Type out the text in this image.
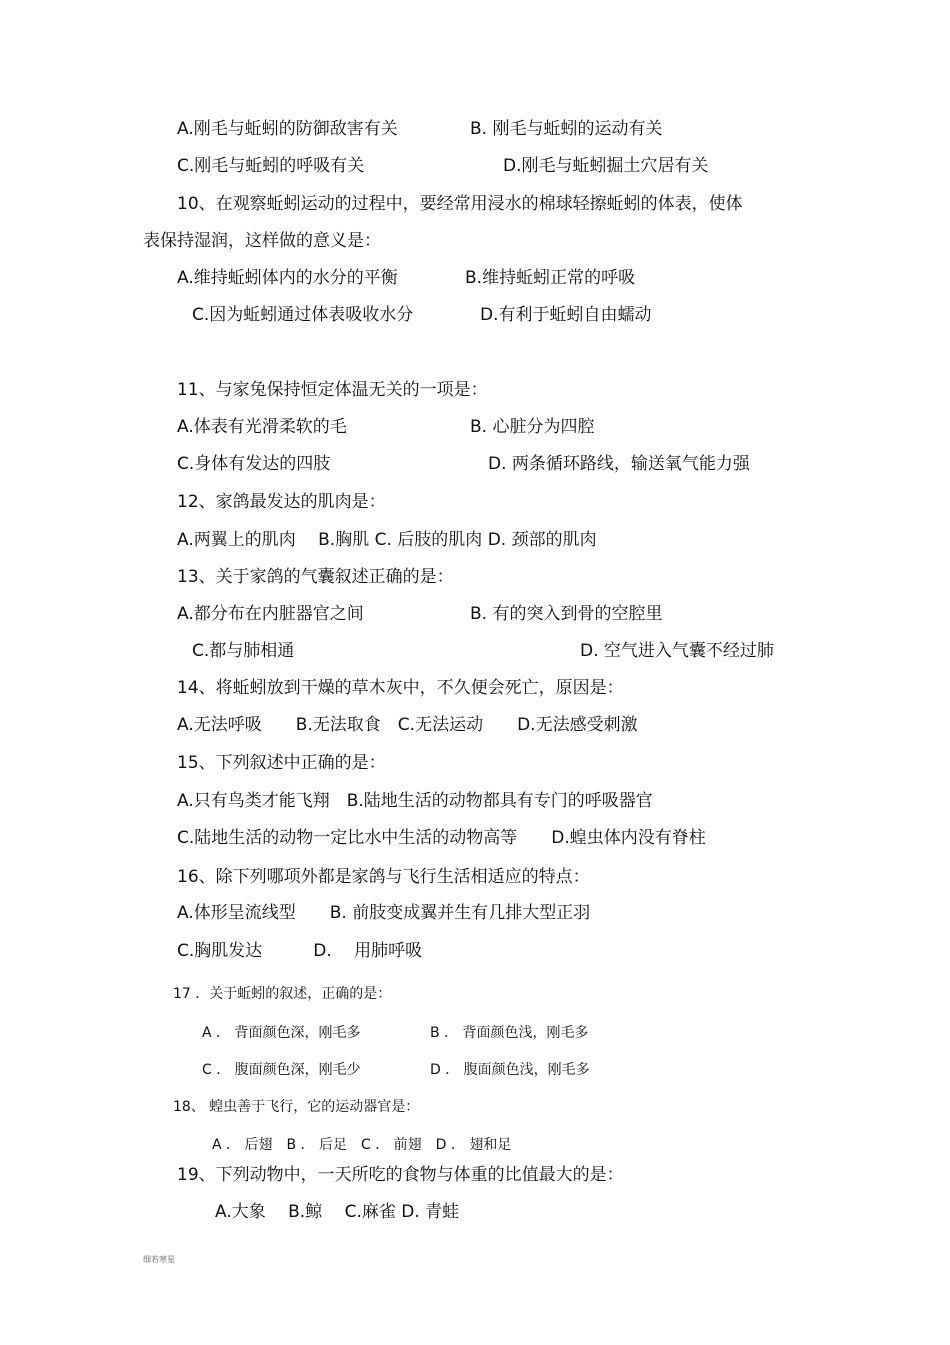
A.刚毛与蚯蚓的防御敌害有关	B. 刚毛与蚯蚓的运动有关
C.刚毛与蚯蚓的呼吸有关	D.刚毛与蚯蚓掘土穴居有关
10、在观察蚯蚓运动的过程中，要经常用浸水的棉球轻擦蚯蚓的体表，使体
表保持湿润，这样做的意义是：
A.维持蚯蚓体内的水分的平衡	B.维持蚯蚓正常的呼吸
C.因为蚯蚓通过体表吸收水分	D.有利于蚯蚓自由蠕动
11、与家兔保持恒定体温无关的一项是：
A.体表有光滑柔软的毛	B. 心脏分为四腔
C.身体有发达的四肢	D. 两条循环路线，输送氧气能力强
12、家鸽最发达的肌肉是：
A.两翼上的肌肉　 B.胸肌 C. 后肢的肌肉 D. 颈部的肌肉
13、关于家鸽的气囊叙述正确的是：
A.都分布在内脏器官之间	B. 有的突入到骨的空腔里
C.都与肺相通	D. 空气进入气囊不经过肺
14、将蚯蚓放到干燥的草木灰中，不久便会死亡，原因是：
A.无法呼吸　　B.无法取食　C.无法运动　　D.无法感受刺激
15、下列叙述中正确的是：
A.只有鸟类才能飞翔　B.陆地生活的动物都具有专门的呼吸器官
C.陆地生活的动物一定比水中生活的动物高等　　D.蝗虫体内没有脊柱
16、除下列哪项外都是家鸽与飞行生活相适应的特点：
A.体形呈流线型　　B. 前肢变成翼并生有几排大型正羽
C.胸肌发达　　　D.　 用肺呼吸
17 ．关于蚯蚓的叙述，正确的是：
A ． 背面颜色深，刚毛多	B ． 背面颜色浅，刚毛多
C ． 腹面颜色深，刚毛少	D ． 腹面颜色浅，刚毛多
18、 蝗虫善于飞行，它的运动器官是：
A ． 后翅　B ． 后足　C ． 前翅　D ． 翅和足
19、下列动物中，一天所吃的食物与体重的比值最大的是：
A.大象　 B.鲸　 C.麻雀 D. 青蛙
细若寒星
